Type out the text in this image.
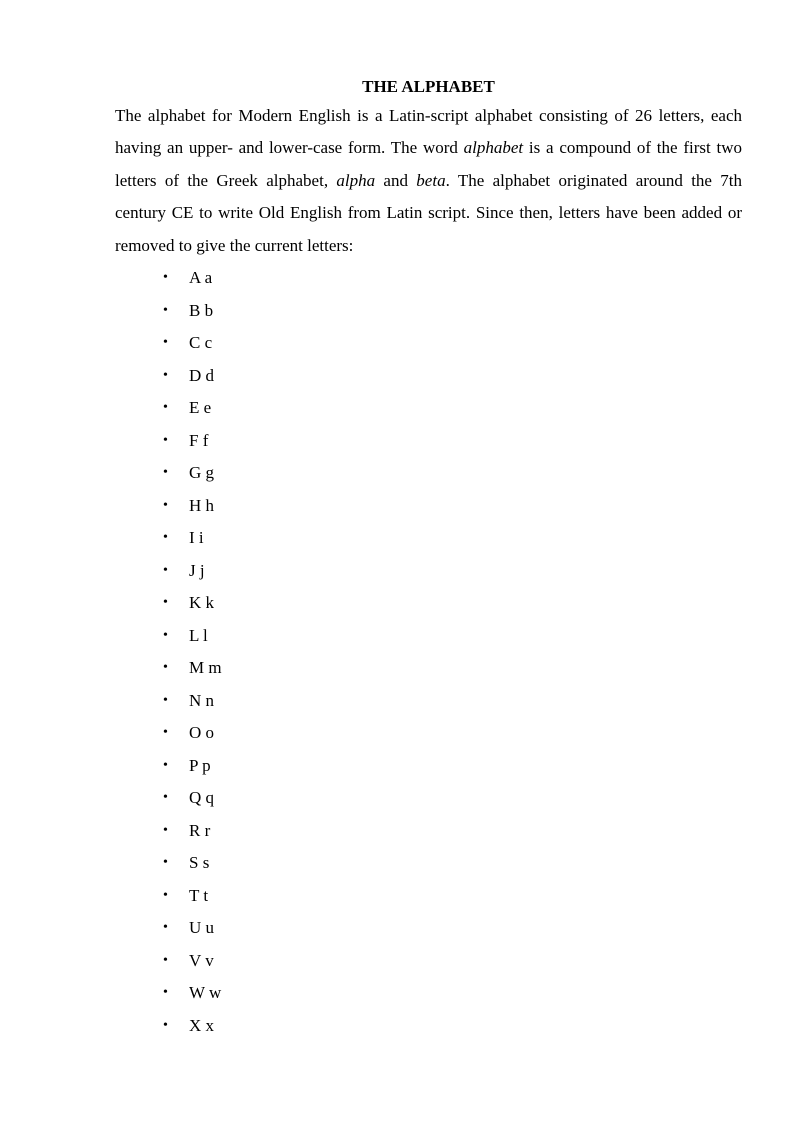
THE ALPHABET

The alphabet for Modern English is a Latin-script alphabet consisting of 26 letters, each having an upper- and lower-case form. The word alphabet is a compound of the first two letters of the Greek alphabet, alpha and beta. The alphabet originated around the 7th century CE to write Old English from Latin script. Since then, letters have been added or removed to give the current letters:

• A a
• B b
• C c
• D d
• E e
• F f
• G g
• H h
• I i
• J j
• K k
• L l
• M m
• N n
• O o
• P p
• Q q
• R r
• S s
• T t
• U u
• V v
• W w
• X x
